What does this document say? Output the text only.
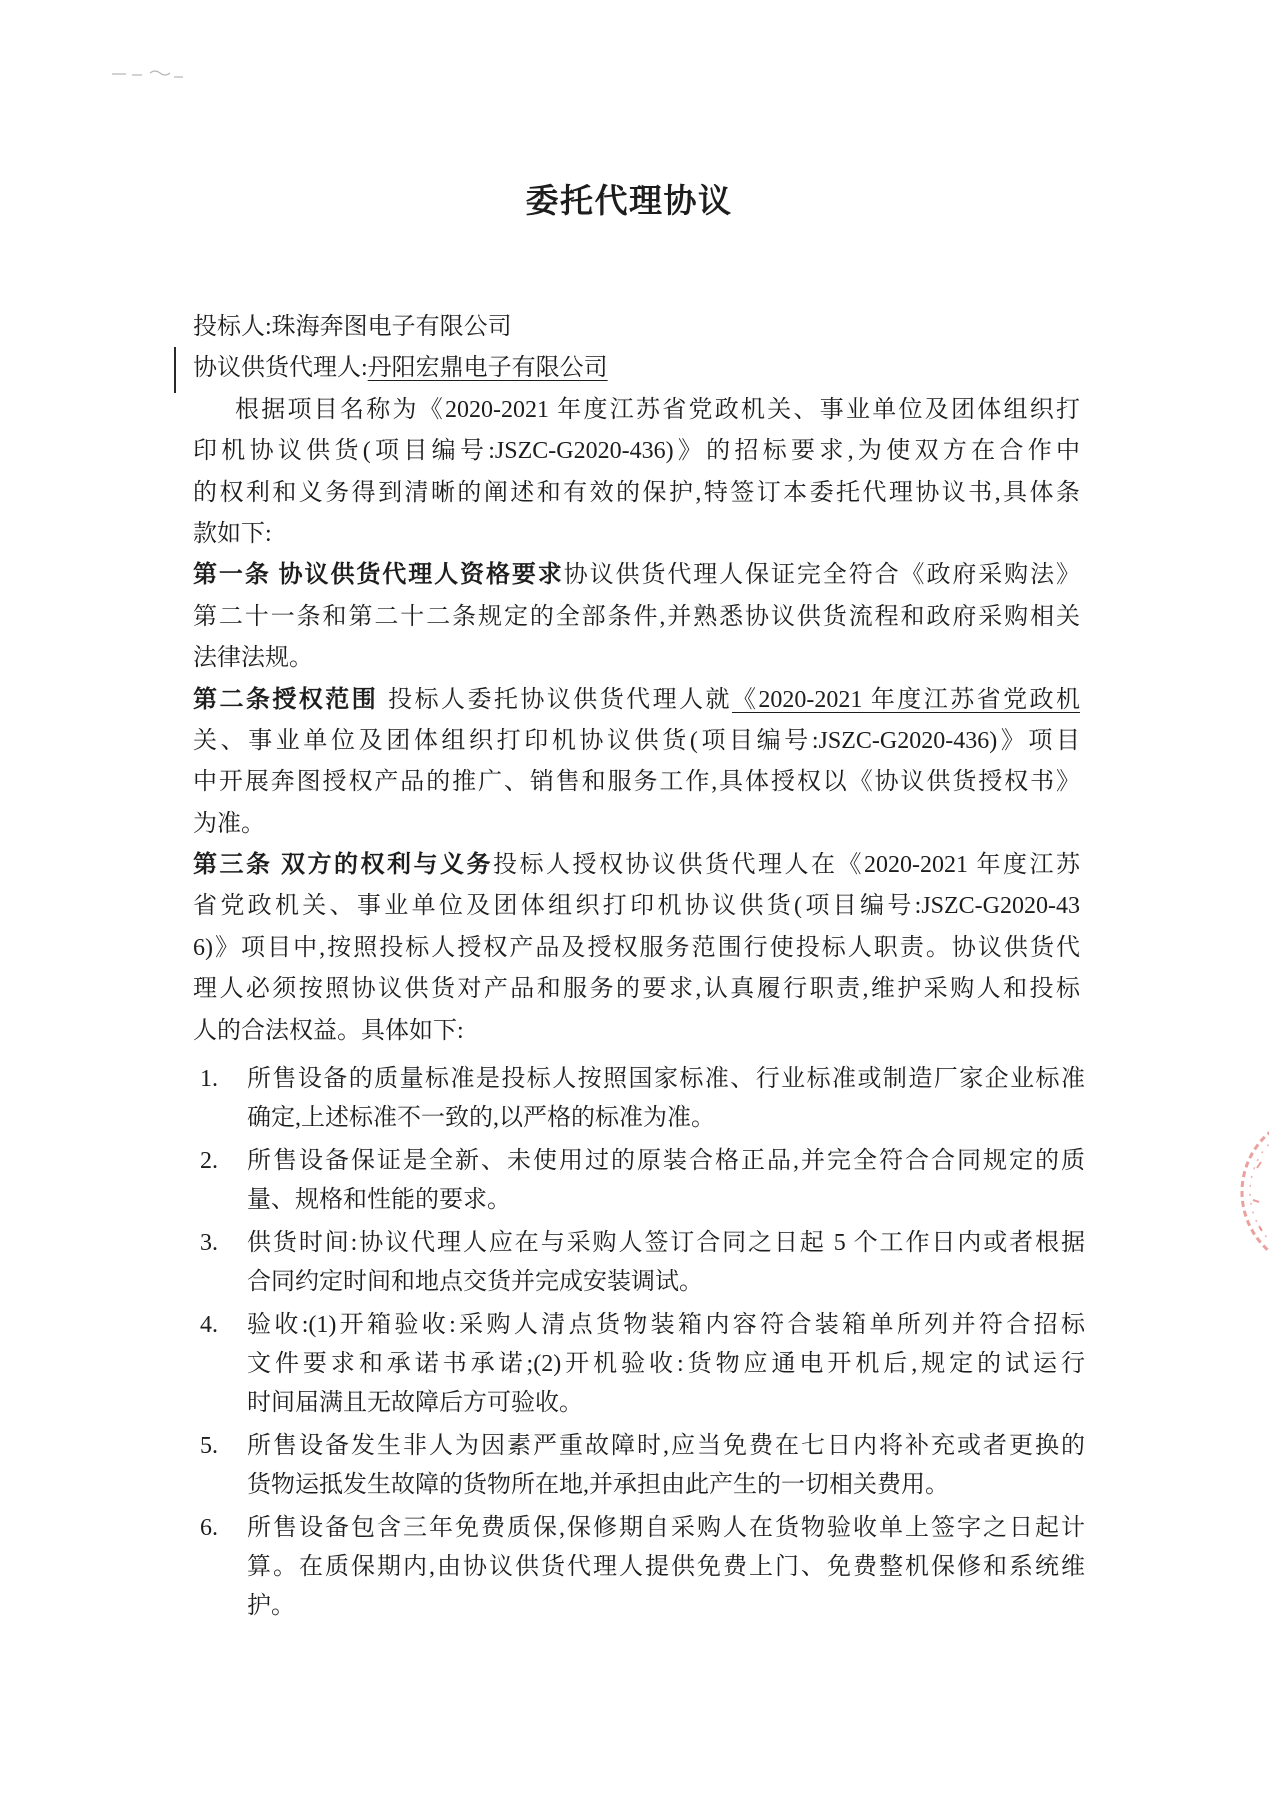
委托代理协议
投标人:珠海奔图电子有限公司
协议供货代理人:丹阳宏鼎电子有限公司
根据项目名称为《2020-2021 年度江苏省党政机关、事业单位及团体组织打
印机协议供货(项目编号:JSZC-G2020-436)》的招标要求,为使双方在合作中
的权利和义务得到清晰的阐述和有效的保护,特签订本委托代理协议书,具体条
款如下:
第一条 协议供货代理人资格要求协议供货代理人保证完全符合《政府采购法》
第二十一条和第二十二条规定的全部条件,并熟悉协议供货流程和政府采购相关
法律法规。
第二条授权范围 投标人委托协议供货代理人就《2020-2021 年度江苏省党政机
关、事业单位及团体组织打印机协议供货(项目编号:JSZC-G2020-436)》项目
中开展奔图授权产品的推广、销售和服务工作,具体授权以《协议供货授权书》
为准。
第三条 双方的权利与义务投标人授权协议供货代理人在《2020-2021 年度江苏
省党政机关、事业单位及团体组织打印机协议供货(项目编号:JSZC-G2020-43
6)》项目中,按照投标人授权产品及授权服务范围行使投标人职责。协议供货代
理人必须按照协议供货对产品和服务的要求,认真履行职责,维护采购人和投标
人的合法权益。具体如下:
1.	所售设备的质量标准是投标人按照国家标准、行业标准或制造厂家企业标准
确定,上述标准不一致的,以严格的标准为准。
2.	所售设备保证是全新、未使用过的原装合格正品,并完全符合合同规定的质
量、规格和性能的要求。
3.	供货时间:协议代理人应在与采购人签订合同之日起 5 个工作日内或者根据
合同约定时间和地点交货并完成安装调试。
4.	验收:(1)开箱验收:采购人清点货物装箱内容符合装箱单所列并符合招标
文件要求和承诺书承诺;(2)开机验收:货物应通电开机后,规定的试运行
时间届满且无故障后方可验收。
5.	所售设备发生非人为因素严重故障时,应当免费在七日内将补充或者更换的
货物运抵发生故障的货物所在地,并承担由此产生的一切相关费用。
6.	所售设备包含三年免费质保,保修期自采购人在货物验收单上签字之日起计
算。在质保期内,由协议供货代理人提供免费上门、免费整机保修和系统维
护。
